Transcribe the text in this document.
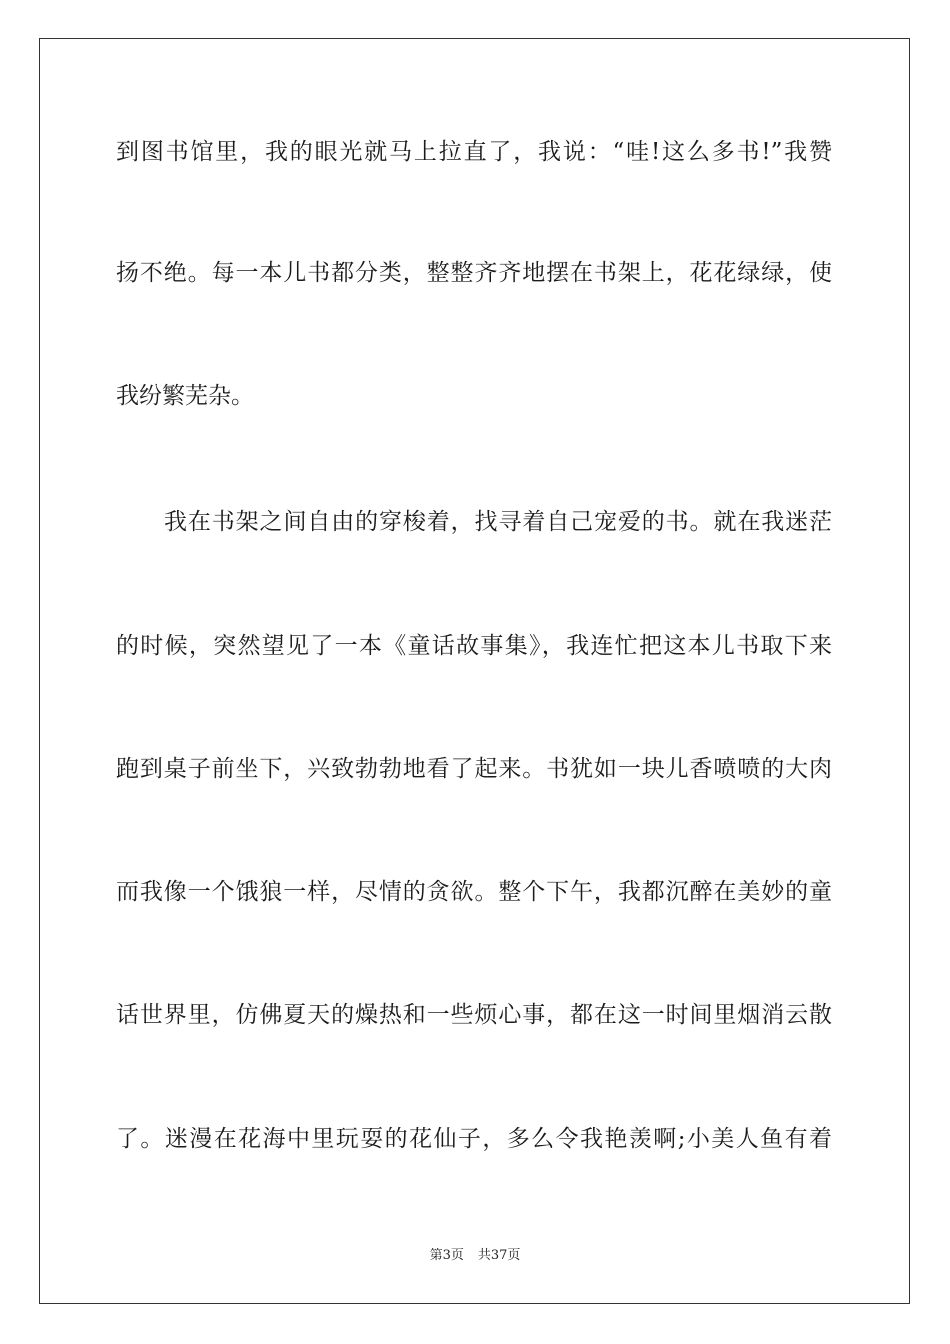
到图书馆里，我的眼光就马上拉直了，我说：“哇!这么多书!”我赞
扬不绝。每一本儿书都分类，整整齐齐地摆在书架上，花花绿绿，使
我纷繁芜杂。
我在书架之间自由的穿梭着，找寻着自己宠爱的书。就在我迷茫
的时候，突然望见了一本《童话故事集》，我连忙把这本儿书取下来
跑到桌子前坐下，兴致勃勃地看了起来。书犹如一块儿香喷喷的大肉
而我像一个饿狼一样，尽情的贪欲。整个下午，我都沉醉在美妙的童
话世界里，仿佛夏天的燥热和一些烦心事，都在这一时间里烟消云散
了。迷漫在花海中里玩耍的花仙子，多么令我艳羡啊;小美人鱼有着
第3页 共37页
